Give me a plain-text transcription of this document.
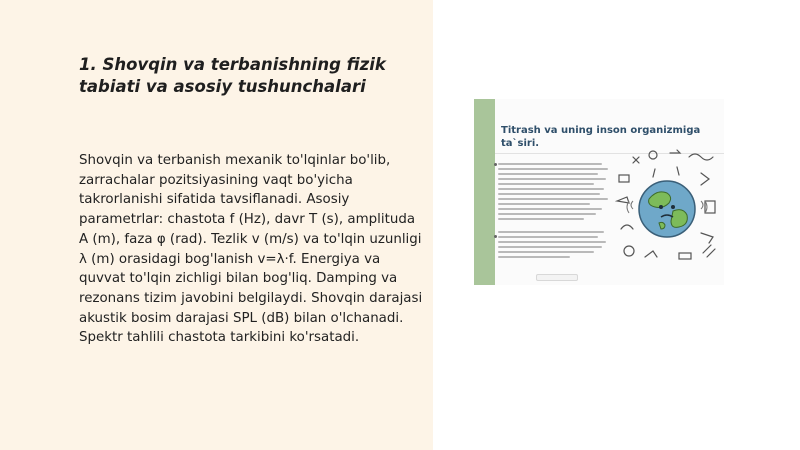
1. Shovqin va terbanishning fizik tabiati va asosiy tushunchalari
Shovqin va terbanish mexanik to'lqinlar bo'lib, zarrachalar pozitsiyasining vaqt bo'yicha takrorlanishi sifatida tavsiflanadi. Asosiy parametrlar: chastota f (Hz), davr T (s), amplituda A (m), faza φ (rad). Tezlik v (m/s) va to'lqin uzunligi λ (m) orasidagi bog'lanish v=λ·f. Energiya va quvvat to'lqin zichligi bilan bog'liq. Damping va rezonans tizim javobini belgilaydi. Shovqin darajasi akustik bosim darajasi SPL (dB) bilan o'lchanadi. Spektr tahlili chastota tarkibini ko'rsatadi.
Titrash va uning inson organizmiga ta`siri.
